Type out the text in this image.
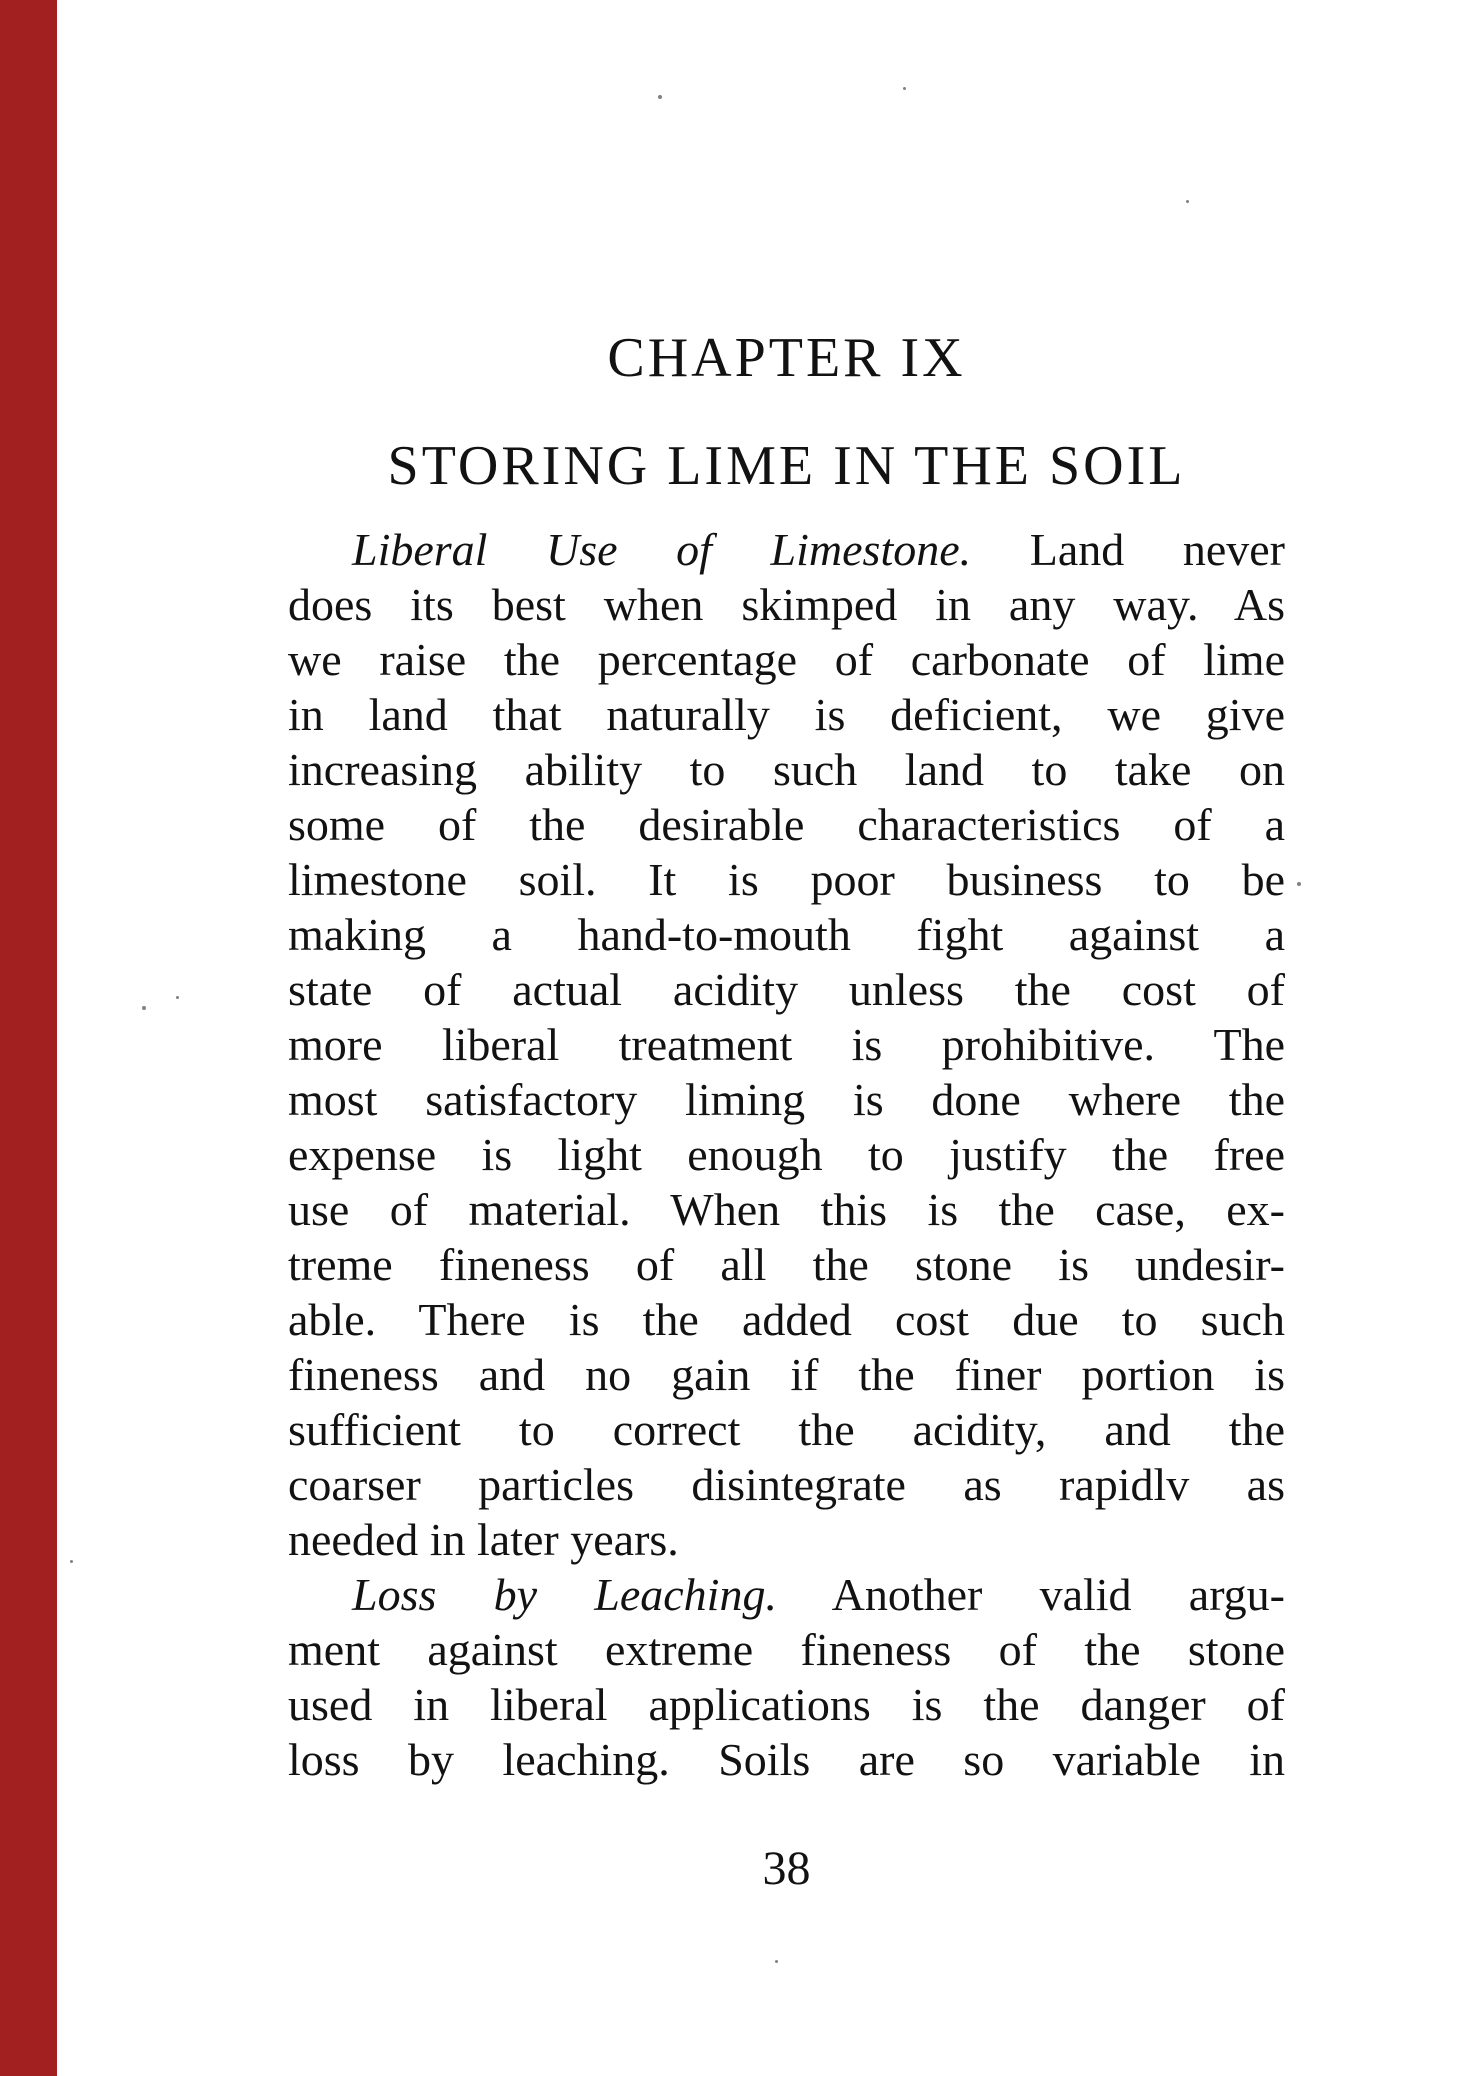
CHAPTER IX
STORING LIME IN THE SOIL
Liberal Use of Limestone. Land never
does its best when skimped in any way. As
we raise the percentage of carbonate of lime
in land that naturally is deficient, we give
increasing ability to such land to take on
some of the desirable characteristics of a
limestone soil. It is poor business to be
making a hand-to-mouth fight against a
state of actual acidity unless the cost of
more liberal treatment is prohibitive. The
most satisfactory liming is done where the
expense is light enough to justify the free
use of material. When this is the case, ex-
treme fineness of all the stone is undesir-
able. There is the added cost due to such
fineness and no gain if the finer portion is
sufficient to correct the acidity, and the
coarser particles disintegrate as rapidlv as
needed in later years.
Loss by Leaching. Another valid argu-
ment against extreme fineness of the stone
used in liberal applications is the danger of
loss by leaching. Soils are so variable in
38
